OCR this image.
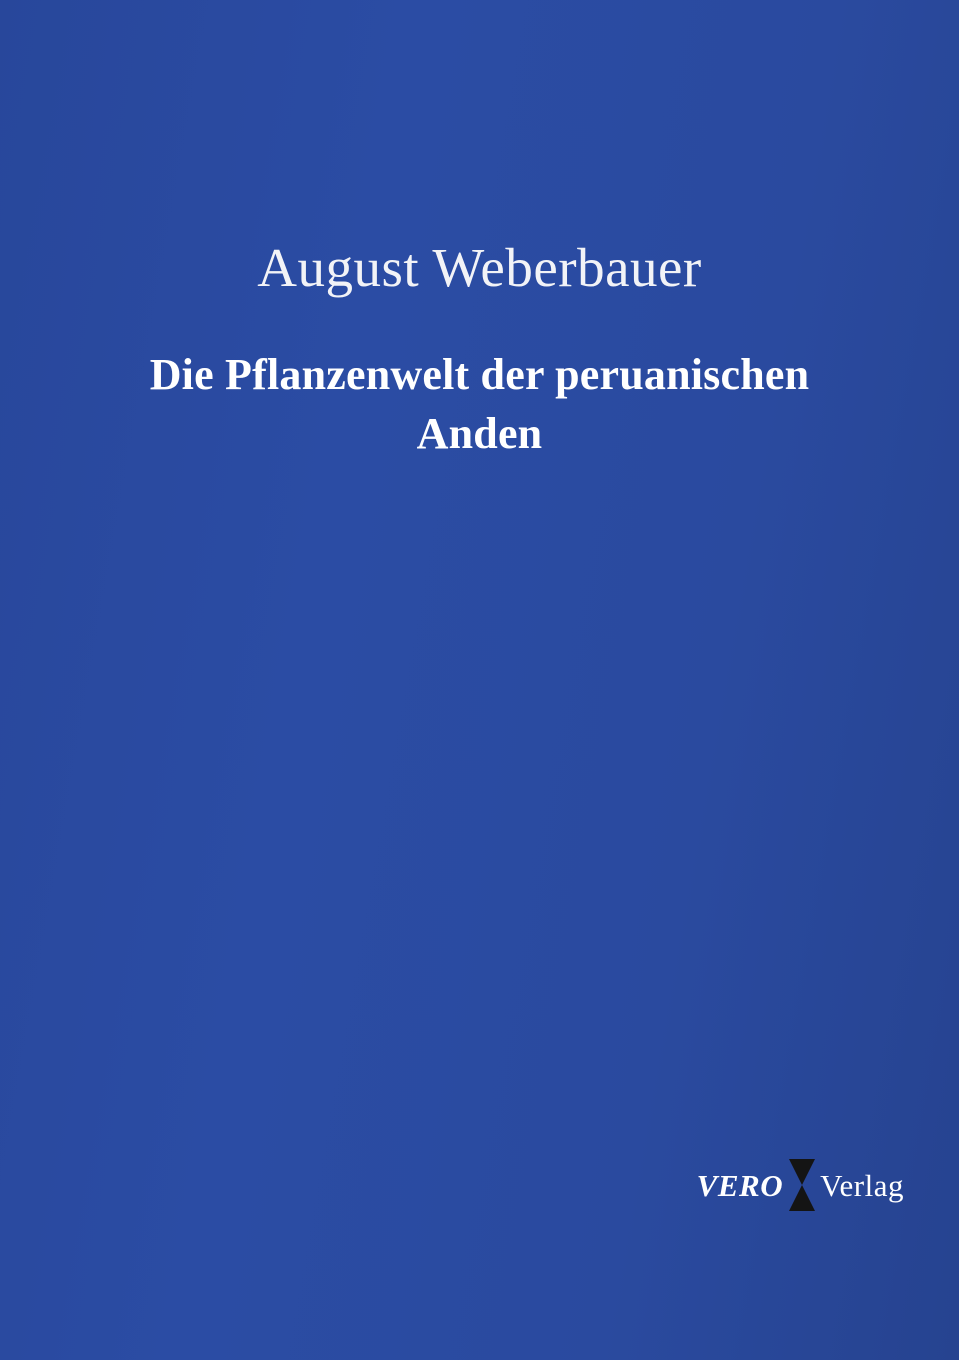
August Weberbauer
Die Pflanzenwelt der peruanischen Anden
VERO Verlag
